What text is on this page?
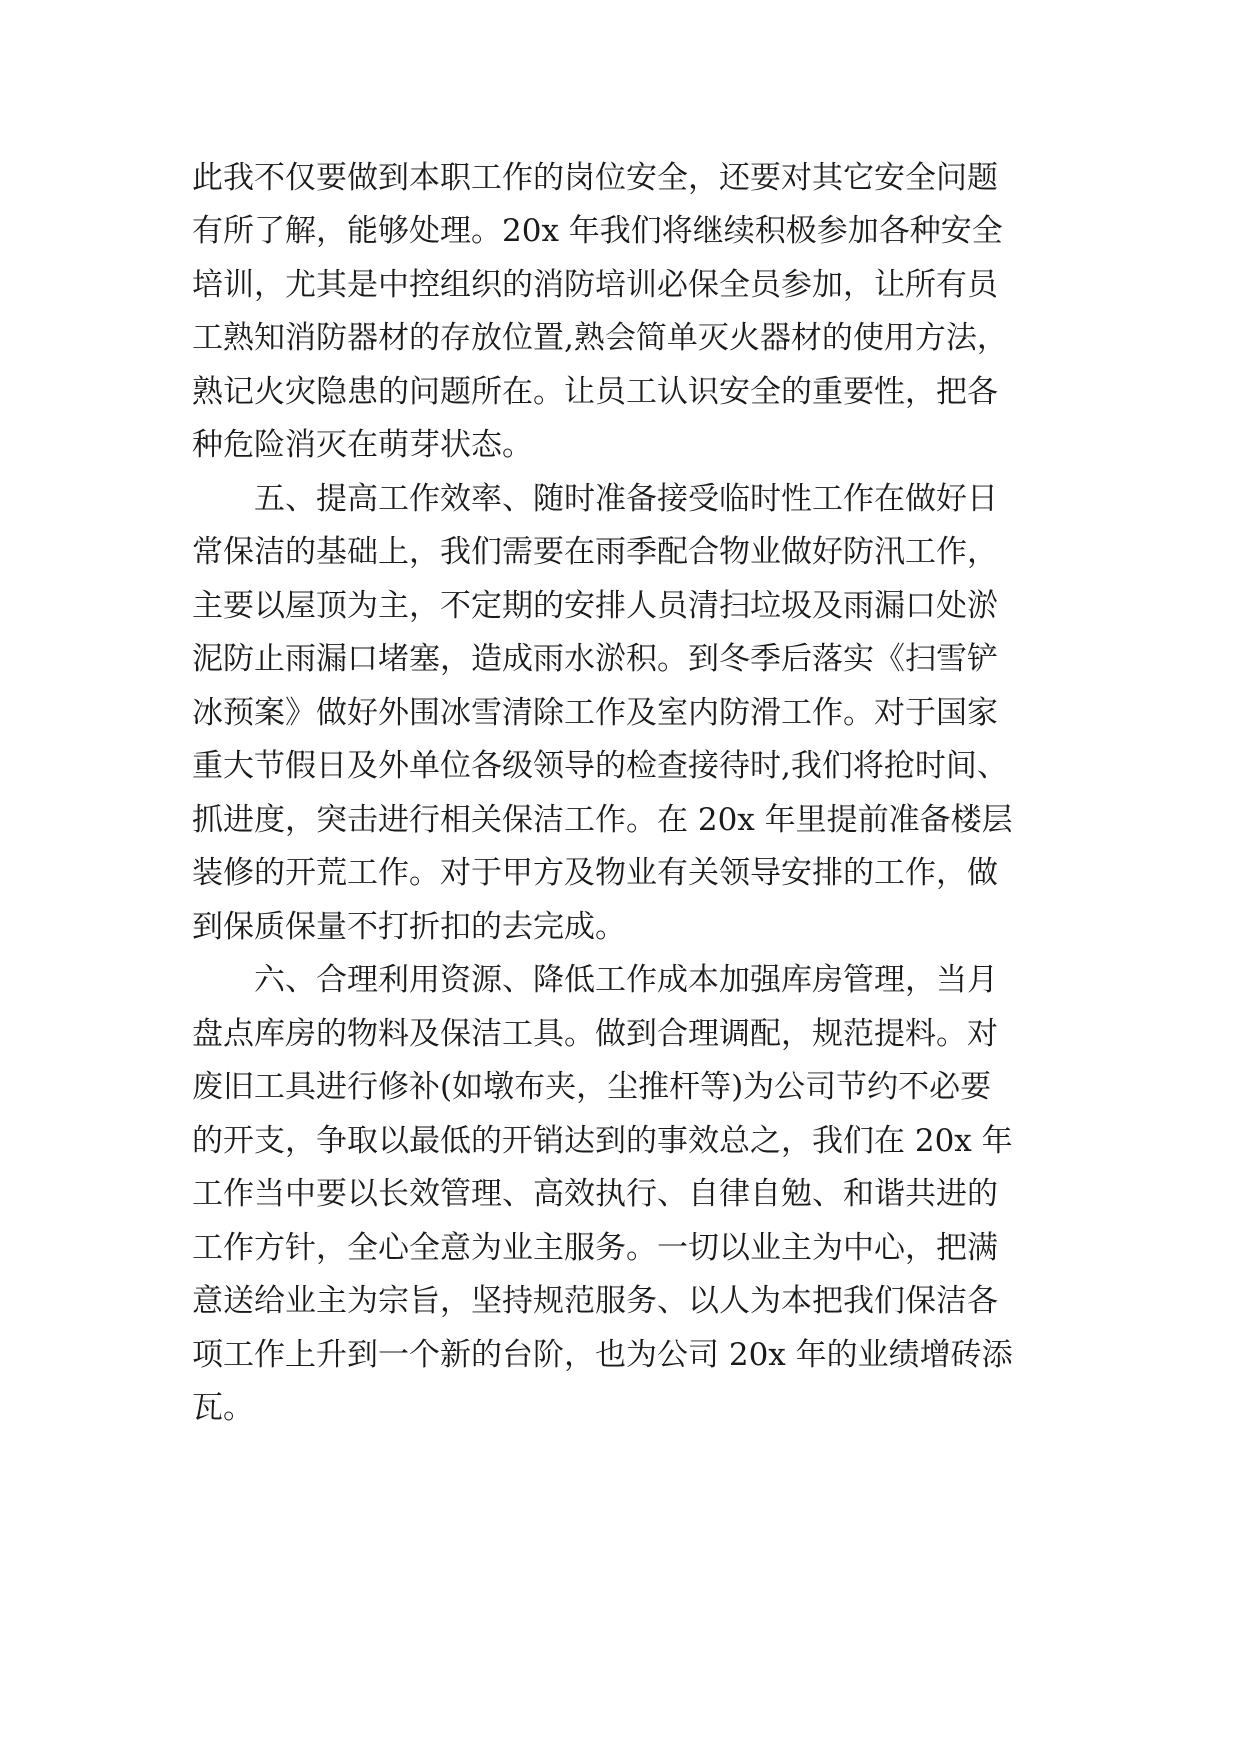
此我不仅要做到本职工作的岗位安全，还要对其它安全问题
有所了解，能够处理。20x 年我们将继续积极参加各种安全
培训，尤其是中控组织的消防培训必保全员参加，让所有员
工熟知消防器材的存放位置,熟会简单灭火器材的使用方法，
熟记火灾隐患的问题所在。让员工认识安全的重要性，把各
种危险消灭在萌芽状态。
五、提高工作效率、随时准备接受临时性工作在做好日
常保洁的基础上，我们需要在雨季配合物业做好防汛工作，
主要以屋顶为主，不定期的安排人员清扫垃圾及雨漏口处淤
泥防止雨漏口堵塞，造成雨水淤积。到冬季后落实《扫雪铲
冰预案》做好外围冰雪清除工作及室内防滑工作。对于国家
重大节假日及外单位各级领导的检查接待时,我们将抢时间、
抓进度，突击进行相关保洁工作。在 20x 年里提前准备楼层
装修的开荒工作。对于甲方及物业有关领导安排的工作，做
到保质保量不打折扣的去完成。
六、合理利用资源、降低工作成本加强库房管理，当月
盘点库房的物料及保洁工具。做到合理调配，规范提料。对
废旧工具进行修补(如墩布夹，尘推杆等)为公司节约不必要
的开支，争取以最低的开销达到的事效总之，我们在 20x 年
工作当中要以长效管理、高效执行、自律自勉、和谐共进的
工作方针，全心全意为业主服务。一切以业主为中心，把满
意送给业主为宗旨，坚持规范服务、以人为本把我们保洁各
项工作上升到一个新的台阶，也为公司 20x 年的业绩增砖添
瓦。
